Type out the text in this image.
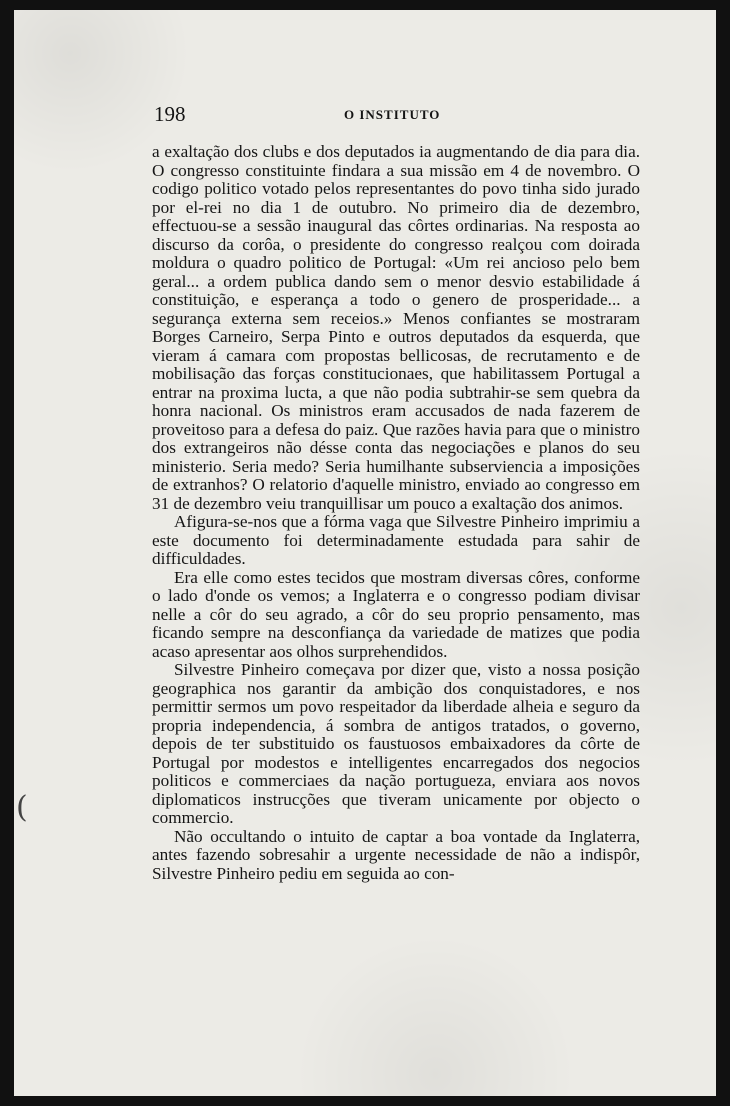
198	O INSTITUTO

a exaltação dos clubs e dos deputados ia augmentando de dia para dia. O congresso constituinte findara a sua missão em 4 de novembro. O codigo politico votado pelos representantes do povo tinha sido jurado por el-rei no dia 1 de outubro. No primeiro dia de dezembro, effectuou-se a sessão inaugural das côrtes ordinarias. Na resposta ao discurso da corôa, o presidente do congresso realçou com doirada moldura o quadro politico de Portugal: «Um rei ancioso pelo bem geral... a ordem publica dando sem o menor desvio estabilidade á constituição, e esperança a todo o genero de prosperidade... a segurança externa sem receios.» Menos confiantes se mostraram Borges Carneiro, Serpa Pinto e outros deputados da esquerda, que vieram á camara com propostas bellicosas, de recrutamento e de mobilisação das forças constitucionaes, que habilitassem Portugal a entrar na proxima lucta, a que não podia subtrahir-se sem quebra da honra nacional. Os ministros eram accusados de nada fazerem de proveitoso para a defesa do paiz. Que razões havia para que o ministro dos extrangeiros não désse conta das negociações e planos do seu ministerio. Seria medo? Seria humilhante subserviencia a imposições de extranhos? O relatorio d'aquelle ministro, enviado ao congresso em 31 de dezembro veiu tranquillisar um pouco a exaltação dos animos.

Afigura-se-nos que a fórma vaga que Silvestre Pinheiro imprimiu a este documento foi determinadamente estudada para sahir de difficuldades.

Era elle como estes tecidos que mostram diversas côres, conforme o lado d'onde os vemos; a Inglaterra e o congresso podiam divisar nelle a côr do seu agrado, a côr do seu proprio pensamento, mas ficando sempre na desconfiança da variedade de matizes que podia acaso apresentar aos olhos surprehendidos.

Silvestre Pinheiro começava por dizer que, visto a nossa posição geographica nos garantir da ambição dos conquistadores, e nos permittir sermos um povo respeitador da liberdade alheia e seguro da propria independencia, á sombra de antigos tratados, o governo, depois de ter substituido os faustuosos embaixadores da côrte de Portugal por modestos e intelligentes encarregados dos negocios politicos e commerciaes da nação portugueza, enviara aos novos diplomaticos instrucções que tiveram unicamente por objecto o commercio.

Não occultando o intuito de captar a boa vontade da Inglaterra, antes fazendo sobresahir a urgente necessidade de não a indispôr, Silvestre Pinheiro pediu em seguida ao con-

(
